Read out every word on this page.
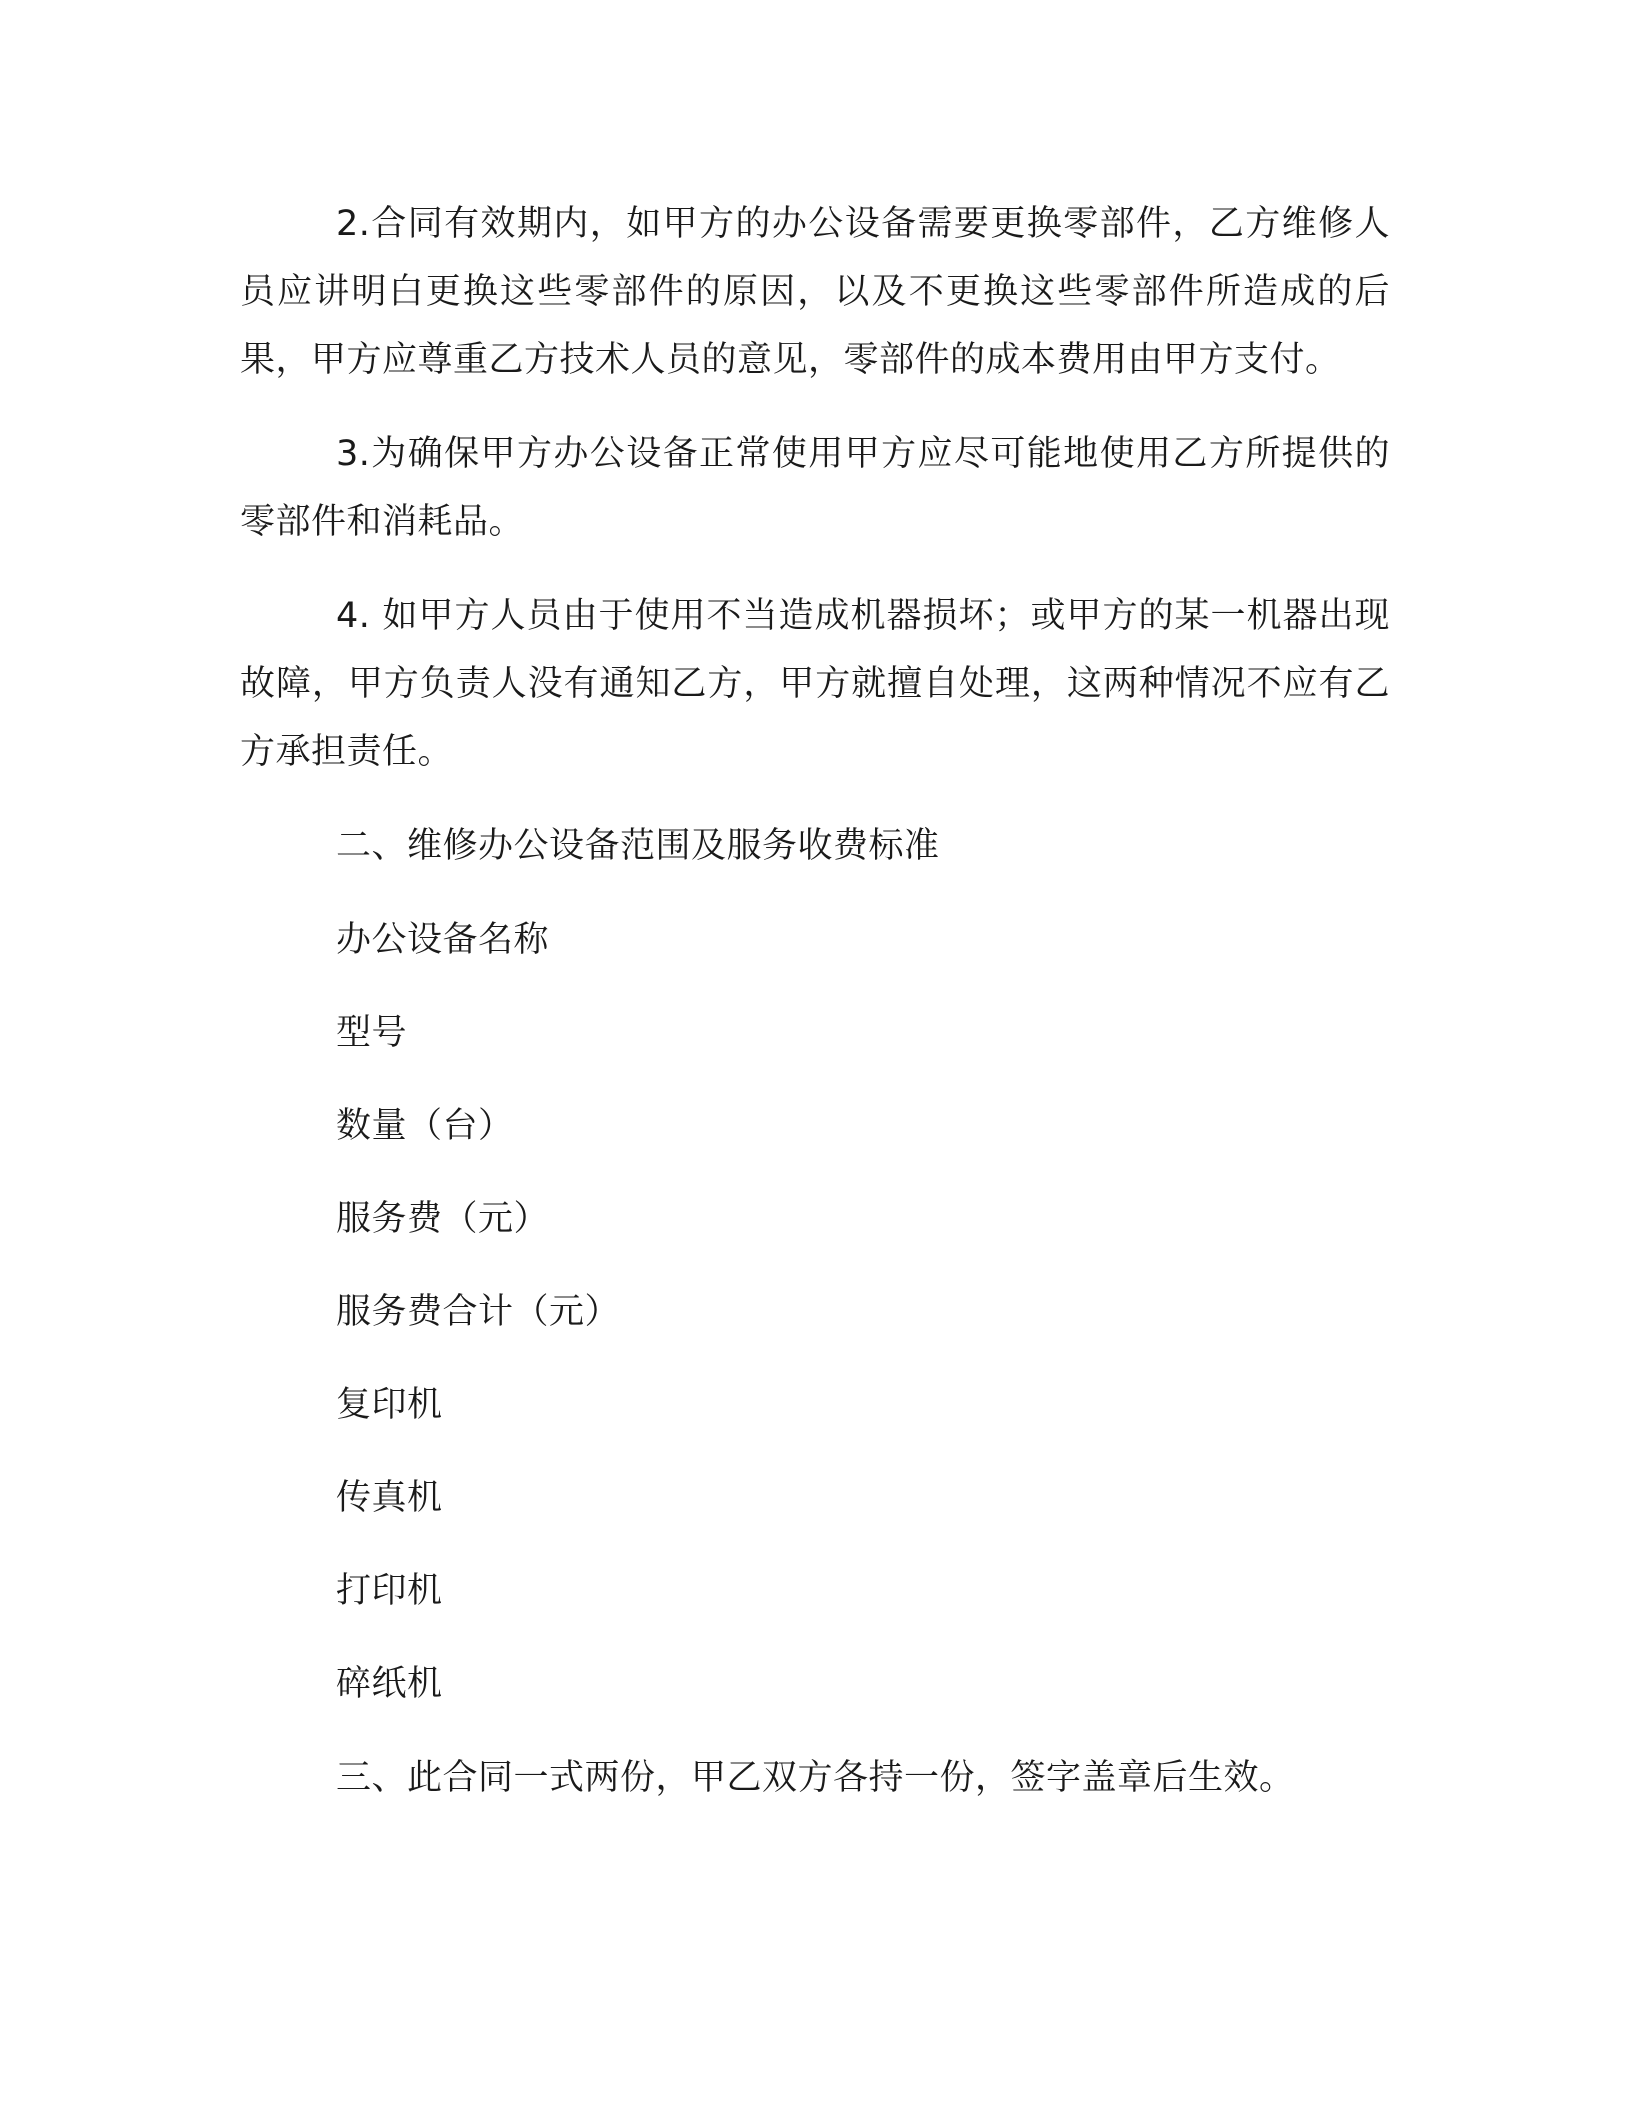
2.合同有效期内，如甲方的办公设备需要更换零部件，乙方维修人员应讲明白更换这些零部件的原因，以及不更换这些零部件所造成的后果，甲方应尊重乙方技术人员的意见，零部件的成本费用由甲方支付。

3.为确保甲方办公设备正常使用甲方应尽可能地使用乙方所提供的零部件和消耗品。

4. 如甲方人员由于使用不当造成机器损坏；或甲方的某一机器出现故障，甲方负责人没有通知乙方，甲方就擅自处理，这两种情况不应有乙方承担责任。

二、维修办公设备范围及服务收费标准

办公设备名称

型号

数量（台）

服务费（元）

服务费合计（元）

复印机

传真机

打印机

碎纸机

三、此合同一式两份，甲乙双方各持一份，签字盖章后生效。
